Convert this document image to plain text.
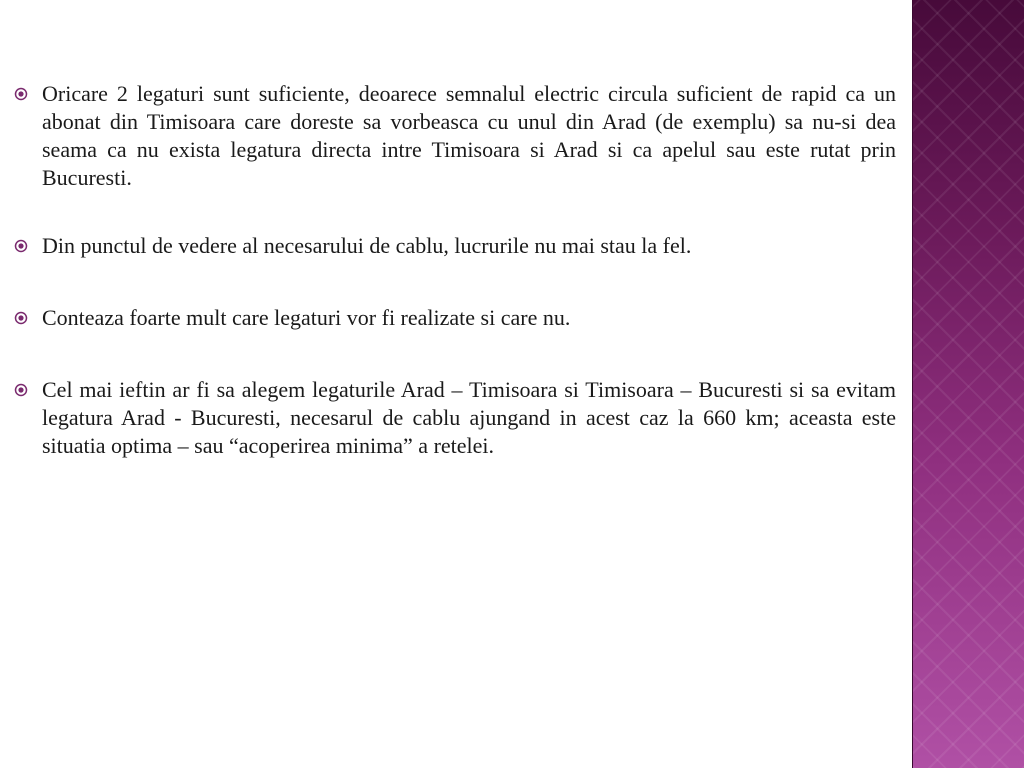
Oricare 2 legaturi sunt suficiente, deoarece semnalul electric circula suficient de rapid ca un abonat din Timisoara care doreste sa vorbeasca cu unul din Arad (de exemplu) sa nu-si dea seama ca nu exista legatura directa intre Timisoara si Arad si ca apelul sau este rutat prin Bucuresti.
Din punctul de vedere al necesarului de cablu, lucrurile nu mai stau la fel.
Conteaza foarte mult care legaturi vor fi realizate si care nu.
Cel mai ieftin ar fi sa alegem legaturile Arad – Timisoara si Timisoara – Bucuresti si sa evitam legatura Arad - Bucuresti, necesarul de cablu ajungand in acest caz la 660 km; aceasta este situatia optima – sau “acoperirea minima” a retelei.
